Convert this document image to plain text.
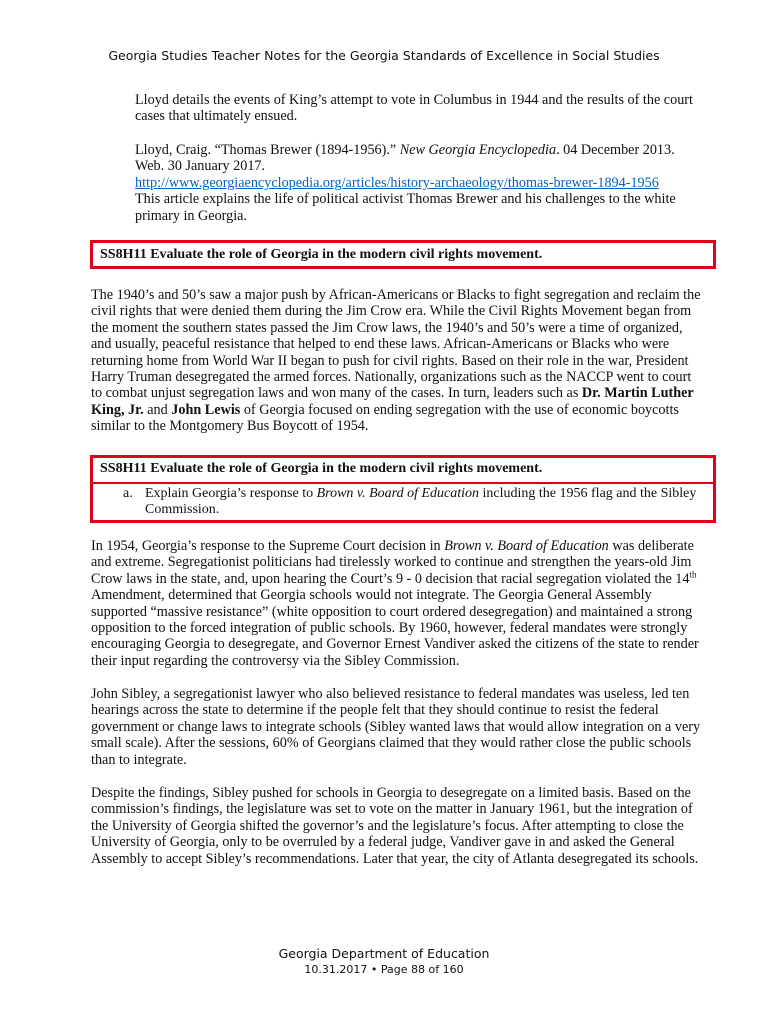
Georgia Studies Teacher Notes for the Georgia Standards of Excellence in Social Studies
Lloyd details the events of King’s attempt to vote in Columbus in 1944 and the results of the court cases that ultimately ensued.
Lloyd, Craig. “Thomas Brewer (1894-1956).” New Georgia Encyclopedia. 04 December 2013. Web. 30 January 2017.
http://www.georgiaencyclopedia.org/articles/history-archaeology/thomas-brewer-1894-1956
This article explains the life of political activist Thomas Brewer and his challenges to the white primary in Georgia.
SS8H11 Evaluate the role of Georgia in the modern civil rights movement.
The 1940’s and 50’s saw a major push by African-Americans or Blacks to fight segregation and reclaim the civil rights that were denied them during the Jim Crow era. While the Civil Rights Movement began from the moment the southern states passed the Jim Crow laws, the 1940’s and 50’s were a time of organized, and usually, peaceful resistance that helped to end these laws. African-Americans or Blacks who were returning home from World War II began to push for civil rights. Based on their role in the war, President Harry Truman desegregated the armed forces. Nationally, organizations such as the NACCP went to court to combat unjust segregation laws and won many of the cases. In turn, leaders such as Dr. Martin Luther King, Jr. and John Lewis of Georgia focused on ending segregation with the use of economic boycotts similar to the Montgomery Bus Boycott of 1954.
SS8H11 Evaluate the role of Georgia in the modern civil rights movement.
a. Explain Georgia’s response to Brown v. Board of Education including the 1956 flag and the Sibley Commission.
In 1954, Georgia’s response to the Supreme Court decision in Brown v. Board of Education was deliberate and extreme. Segregationist politicians had tirelessly worked to continue and strengthen the years-old Jim Crow laws in the state, and, upon hearing the Court’s 9 - 0 decision that racial segregation violated the 14th Amendment, determined that Georgia schools would not integrate. The Georgia General Assembly supported “massive resistance” (white opposition to court ordered desegregation) and maintained a strong opposition to the forced integration of public schools. By 1960, however, federal mandates were strongly encouraging Georgia to desegregate, and Governor Ernest Vandiver asked the citizens of the state to render their input regarding the controversy via the Sibley Commission.
John Sibley, a segregationist lawyer who also believed resistance to federal mandates was useless, led ten hearings across the state to determine if the people felt that they should continue to resist the federal government or change laws to integrate schools (Sibley wanted laws that would allow integration on a very small scale). After the sessions, 60% of Georgians claimed that they would rather close the public schools than to integrate.
Despite the findings, Sibley pushed for schools in Georgia to desegregate on a limited basis. Based on the commission’s findings, the legislature was set to vote on the matter in January 1961, but the integration of the University of Georgia shifted the governor’s and the legislature’s focus. After attempting to close the University of Georgia, only to be overruled by a federal judge, Vandiver gave in and asked the General Assembly to accept Sibley’s recommendations. Later that year, the city of Atlanta desegregated its schools.
Georgia Department of Education
10.31.2017 • Page 88 of 160
